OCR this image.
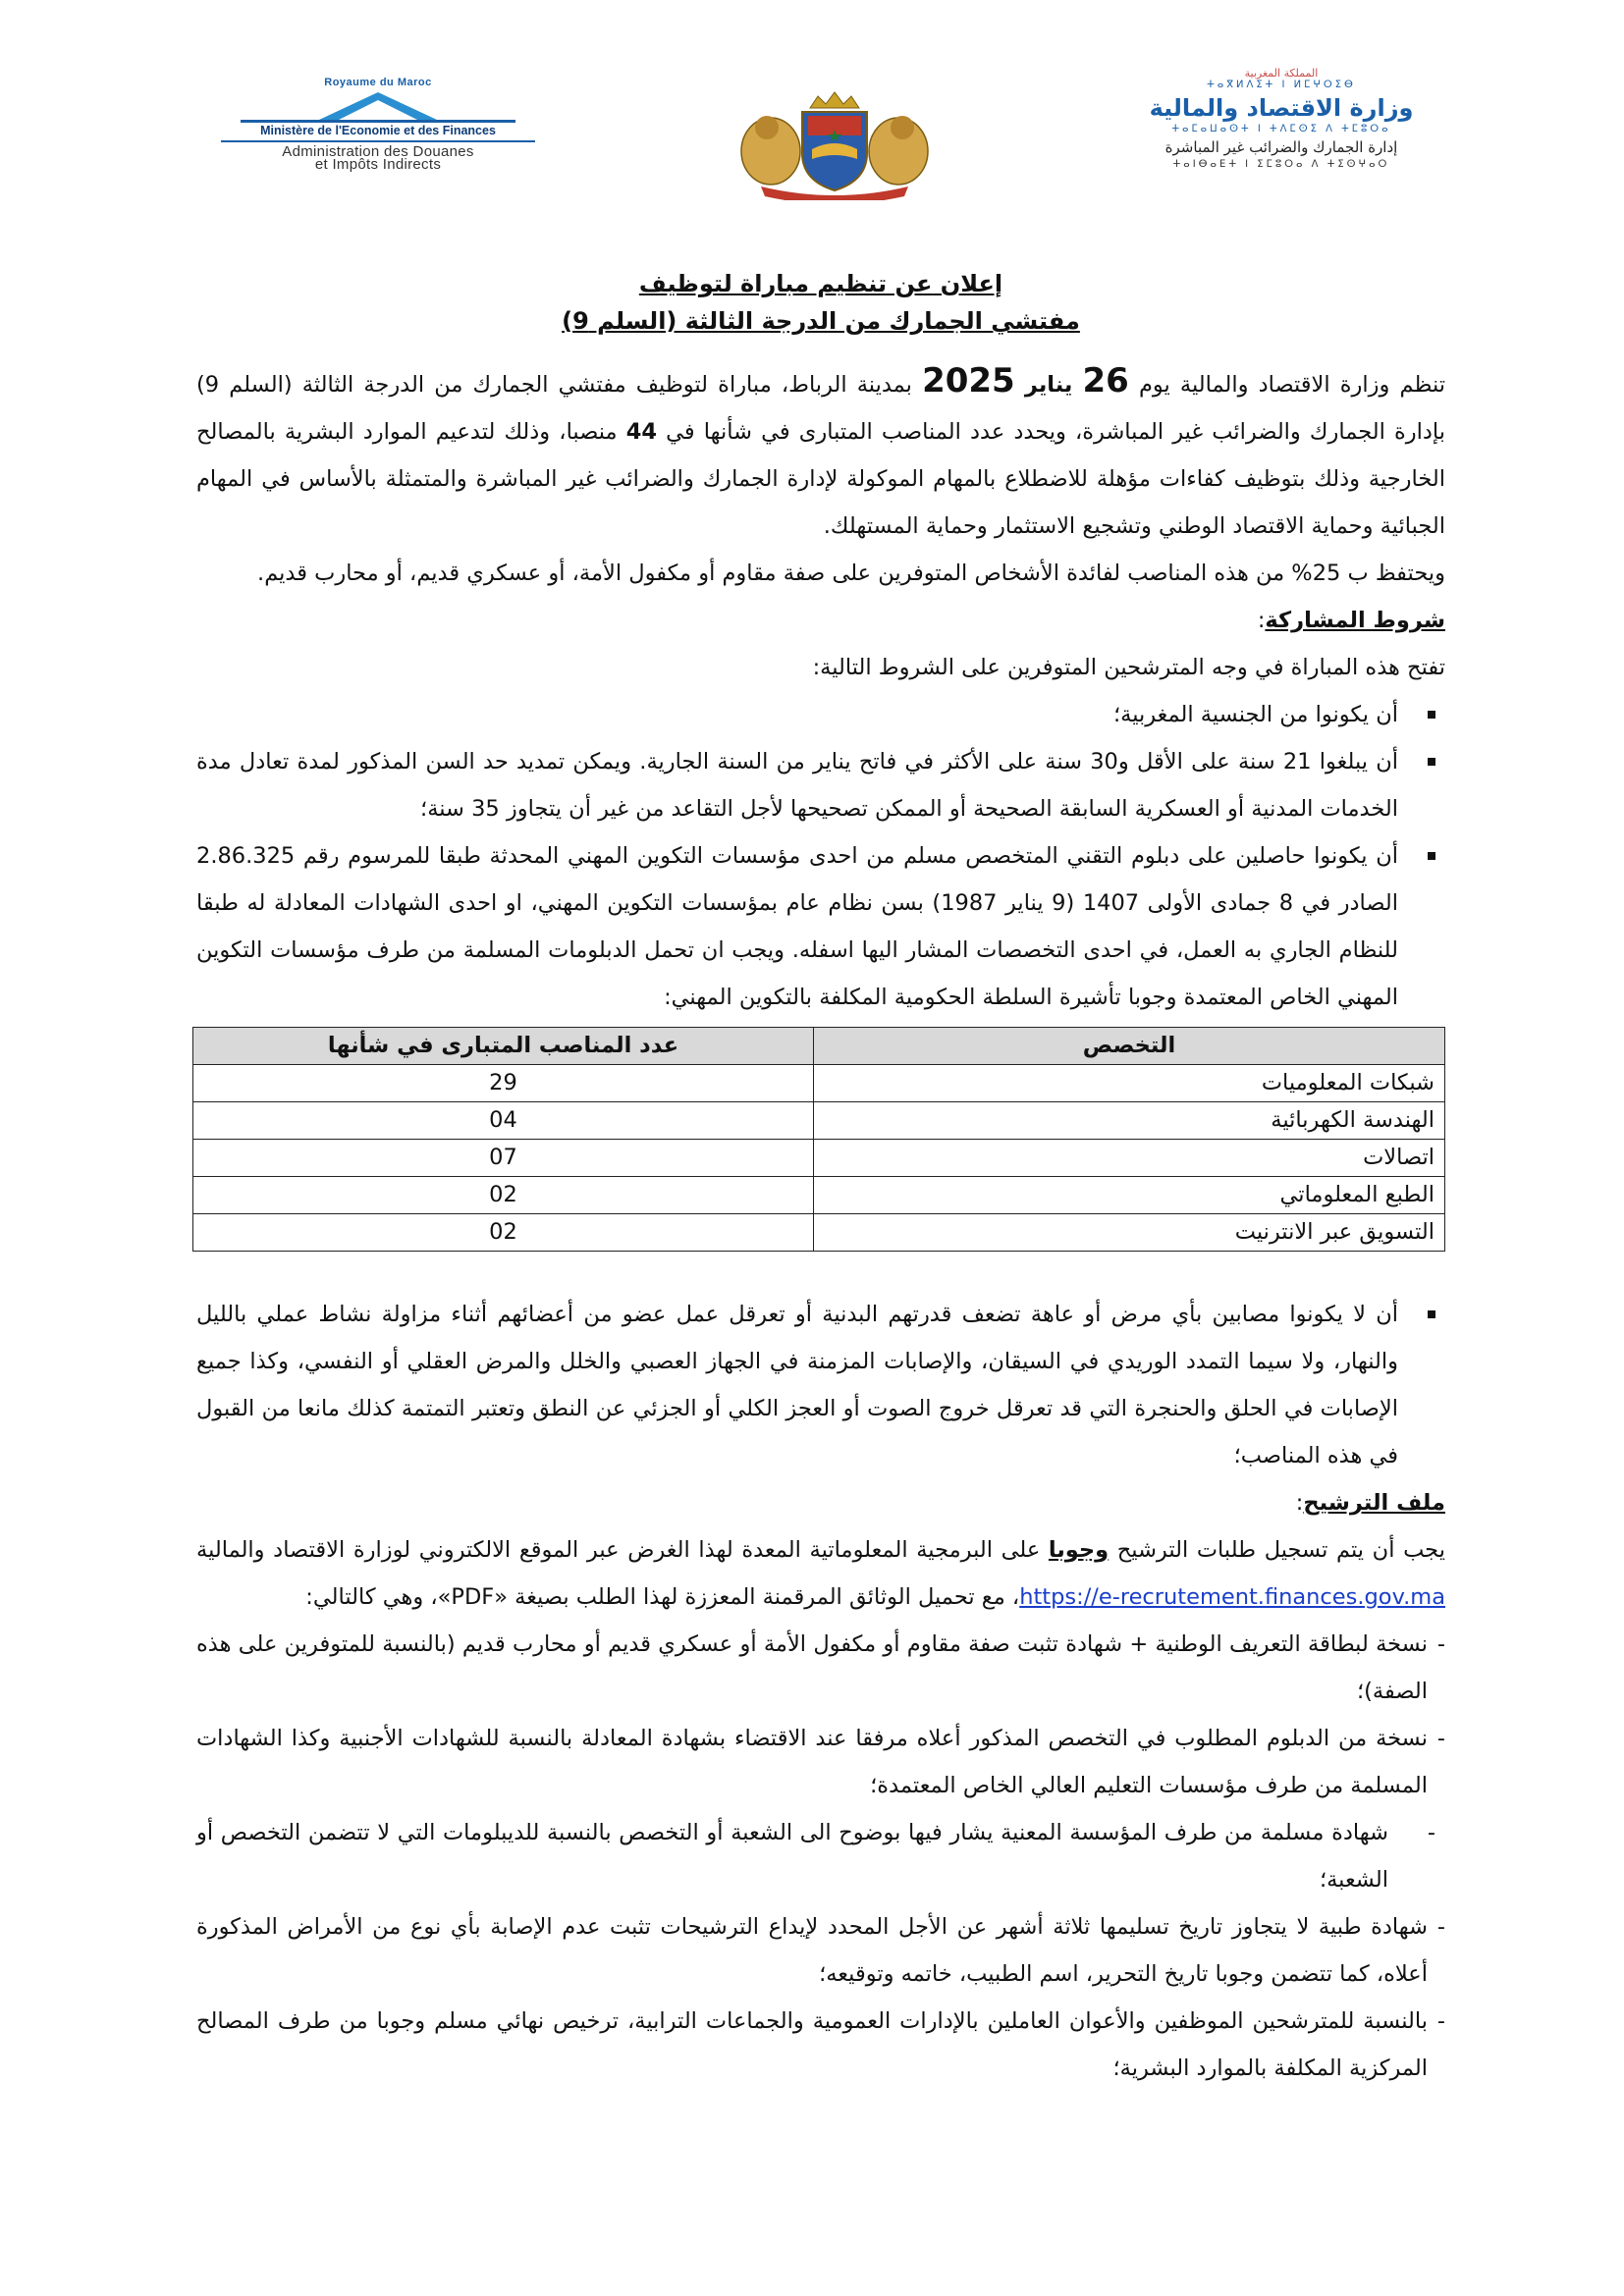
Royaume du Maroc
Ministère de l'Economie et des Finances
Administration des Douanes
et Impôts Indirects
المملكة المغربية
ⵜⴰⴳⵍⴷⵉⵜ ⵏ ⵍⵎⵖⵔⵉⴱ
وزارة الاقتصاد والمالية
ⵜⴰⵎⴰⵡⴰⵙⵜ ⵏ ⵜⴷⵎⵙⵉ ⴷ ⵜⵎⵓⵔⴰ
إدارة الجمارك والضرائب غير المباشرة
ⵜⴰⵏⴱⴰⴹⵜ ⵏ ⵉⵎⵓⵔⴰ ⴷ ⵜⵉⵙⵖⴰⵔ
إعلان عن تنظيم مباراة لتوظيف
مفتشي الجمارك من الدرجة الثالثة (السلم 9)

تنظم وزارة الاقتصاد والمالية يوم 26 يناير 2025 بمدينة الرباط، مباراة لتوظيف مفتشي الجمارك من الدرجة الثالثة (السلم 9) بإدارة الجمارك والضرائب غير المباشرة، ويحدد عدد المناصب المتبارى في شأنها في 44 منصبا، وذلك لتدعيم الموارد البشرية بالمصالح الخارجية وذلك بتوظيف كفاءات مؤهلة للاضطلاع بالمهام الموكولة لإدارة الجمارك والضرائب غير المباشرة والمتمثلة بالأساس في المهام الجبائية وحماية الاقتصاد الوطني وتشجيع الاستثمار وحماية المستهلك.

ويحتفظ ب 25% من هذه المناصب لفائدة الأشخاص المتوفرين على صفة مقاوم أو مكفول الأمة، أو عسكري قديم، أو محارب قديم.

شروط المشاركة:

تفتح هذه المباراة في وجه المترشحين المتوفرين على الشروط التالية:

أن يكونوا من الجنسية المغربية؛
أن يبلغوا 21 سنة على الأقل و30 سنة على الأكثر في فاتح يناير من السنة الجارية. ويمكن تمديد حد السن المذكور لمدة تعادل مدة الخدمات المدنية أو العسكرية السابقة الصحيحة أو الممكن تصحيحها لأجل التقاعد من غير أن يتجاوز 35 سنة؛
أن يكونوا حاصلين على دبلوم التقني المتخصص مسلم من احدى مؤسسات التكوين المهني المحدثة طبقا للمرسوم رقم 2.86.325 الصادر في 8 جمادى الأولى 1407 (9 يناير 1987) بسن نظام عام بمؤسسات التكوين المهني، او احدى الشهادات المعادلة له طبقا للنظام الجاري به العمل، في احدى التخصصات المشار اليها اسفله. ويجب ان تحمل الدبلومات المسلمة من طرف مؤسسات التكوين المهني الخاص المعتمدة وجوبا تأشيرة السلطة الحكومية المكلفة بالتكوين المهني:
التخصص	عدد المناصب المتبارى في شأنها
شبكات المعلوميات	29
الهندسة الكهربائية	04
اتصالات	07
الطبع المعلوماتي	02
التسويق عبر الانترنيت	02
أن لا يكونوا مصابين بأي مرض أو عاهة تضعف قدرتهم البدنية أو تعرقل عمل عضو من أعضائهم أثناء مزاولة نشاط عملي بالليل والنهار، ولا سيما التمدد الوريدي في السيقان، والإصابات المزمنة في الجهاز العصبي والخلل والمرض العقلي أو النفسي، وكذا جميع الإصابات في الحلق والحنجرة التي قد تعرقل خروج الصوت أو العجز الكلي أو الجزئي عن النطق وتعتبر التمتمة كذلك مانعا من القبول في هذه المناصب؛
ملف الترشيح:

يجب أن يتم تسجيل طلبات الترشيح وجوبا على البرمجية المعلوماتية المعدة لهذا الغرض عبر الموقع الالكتروني لوزارة الاقتصاد والمالية https://e-recrutement.finances.gov.ma، مع تحميل الوثائق المرقمنة المعززة لهذا الطلب بصيغة «PDF»، وهي كالتالي:

- نسخة لبطاقة التعريف الوطنية + شهادة تثبت صفة مقاوم أو مكفول الأمة أو عسكري قديم أو محارب قديم (بالنسبة للمتوفرين على هذه الصفة)؛
- نسخة من الدبلوم المطلوب في التخصص المذكور أعلاه مرفقا عند الاقتضاء بشهادة المعادلة بالنسبة للشهادات الأجنبية وكذا الشهادات المسلمة من طرف مؤسسات التعليم العالي الخاص المعتمدة؛
- شهادة مسلمة من طرف المؤسسة المعنية يشار فيها بوضوح الى الشعبة أو التخصص بالنسبة للديبلومات التي لا تتضمن التخصص أو الشعبة؛
- شهادة طبية لا يتجاوز تاريخ تسليمها ثلاثة أشهر عن الأجل المحدد لإيداع الترشيحات تثبت عدم الإصابة بأي نوع من الأمراض المذكورة أعلاه، كما تتضمن وجوبا تاريخ التحرير، اسم الطبيب، خاتمه وتوقيعه؛
- بالنسبة للمترشحين الموظفين والأعوان العاملين بالإدارات العمومية والجماعات الترابية، ترخيص نهائي مسلم وجوبا من طرف المصالح المركزية المكلفة بالموارد البشرية؛
